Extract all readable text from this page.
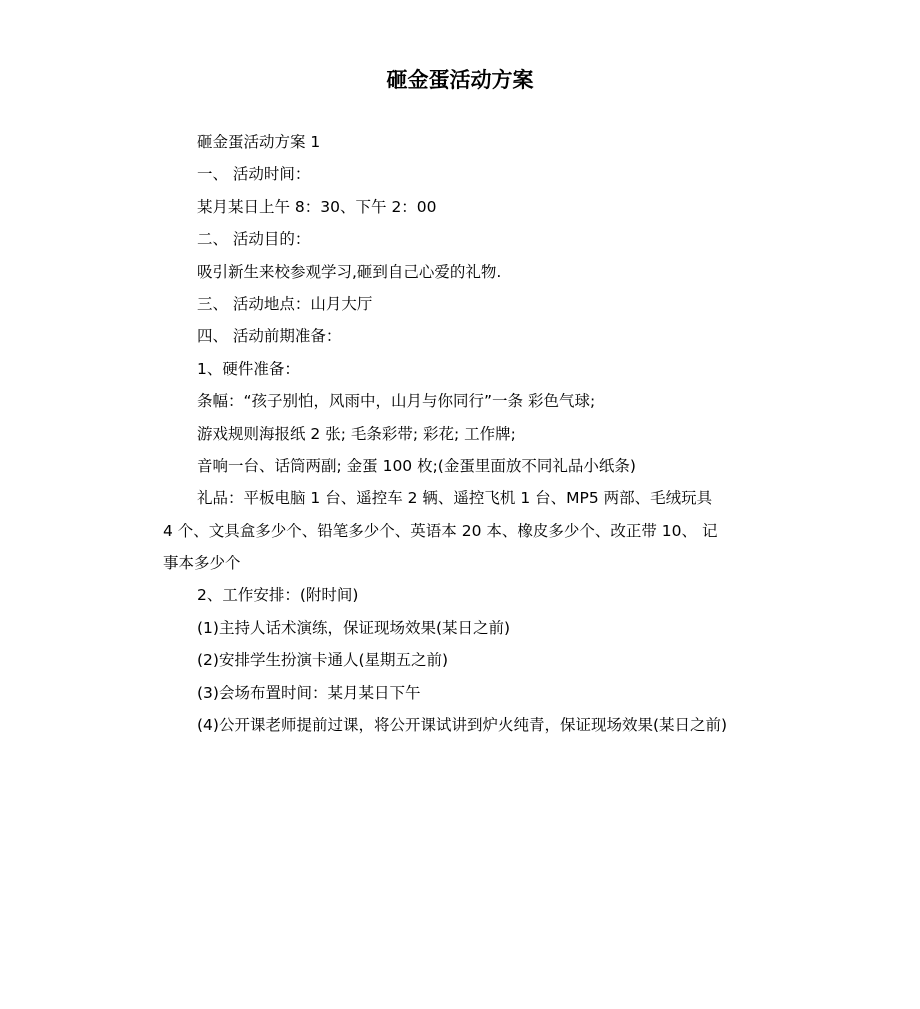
砸金蛋活动方案
砸金蛋活动方案 1
一、 活动时间：
某月某日上午 8：30、下午 2：00
二、 活动目的：
吸引新生来校参观学习,砸到自己心爱的礼物.
三、 活动地点：山月大厅
四、 活动前期准备：
1、硬件准备：
条幅：“孩子别怕，风雨中，山月与你同行”一条 彩色气球;
游戏规则海报纸 2 张; 毛条彩带; 彩花; 工作牌;
音响一台、话筒两副; 金蛋 100 枚;(金蛋里面放不同礼品小纸条)
礼品：平板电脑 1 台、遥控车 2 辆、遥控飞机 1 台、MP5 两部、毛绒玩具
4 个、文具盒多少个、铅笔多少个、英语本 20 本、橡皮多少个、改正带 10、 记
事本多少个
2、工作安排：(附时间)
(1)主持人话术演练，保证现场效果(某日之前)
(2)安排学生扮演卡通人(星期五之前)
(3)会场布置时间：某月某日下午
(4)公开课老师提前过课，将公开课试讲到炉火纯青，保证现场效果(某日之前)
